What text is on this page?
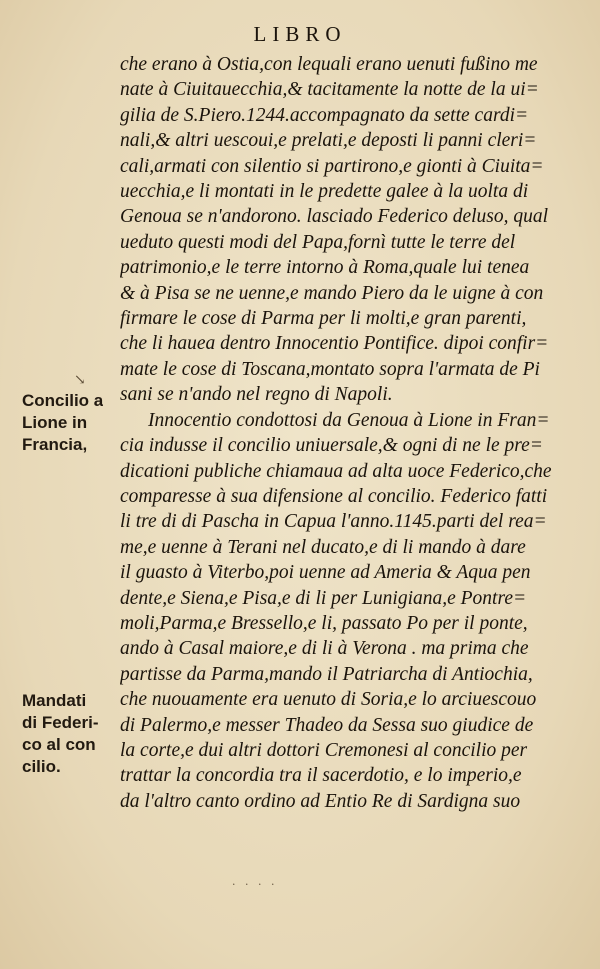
LIBRO
che erano à Ostia,con lequali erano uenuti fußino me
nate à Ciuitauecchia,& tacitamente la notte de la ui=
gilia de S.Piero.1244.accompagnato da sette cardi=
nali,& altri uescoui,e prelati,e deposti li panni cleri=
cali,armati con silentio si partirono,e gionti à Ciuita=
uecchia,e li montati in le predette galee à la uolta di
Genoua se n'andorono. lasciado Federico deluso, qual
ueduto questi modi del Papa,fornì tutte le terre del
patrimonio,e le terre intorno à Roma,quale lui tenea
& à Pisa se ne uenne,e mando Piero da le uigne à con
firmare le cose di Parma per li molti,e gran parenti,
che li hauea dentro Innocentio Pontifice. dipoi confir=
mate le cose di Toscana,montato sopra l'armata de Pi
sani se n'ando nel regno di Napoli.
Innocentio condottosi da Genoua à Lione in Fran=
cia indusse il concilio uniuersale,& ogni di ne le pre=
dicationi publiche chiamaua ad alta uoce Federico,che
comparesse à sua difensione al concilio. Federico fatti
li tre di di Pascha in Capua l'anno.1145.parti del rea=
me,e uenne à Terani nel ducato,e di li mando à dare
il guasto à Viterbo,poi uenne ad Ameria & Aqua pen
dente,e Siena,e Pisa,e di li per Lunigiana,e Pontre=
moli,Parma,e Bressello,e li, passato Po per il ponte,
ando à Casal maiore,e di li à Verona . ma prima che
partisse da Parma,mando il Patriarcha di Antiochia,
che nuouamente era uenuto di Soria,e lo arciuescouo
di Palermo,e messer Thadeo da Sessa suo giudice de
la corte,e dui altri dottori Cremonesi al concilio per
trattar la concordia tra il sacerdotio, e lo imperio,e
da l'altro canto ordino ad Entio Re di Sardigna suo
↘
Concilio a
Lione in
Francia,
Mandati
di Federi-
co al con
cilio.
· · · ·
